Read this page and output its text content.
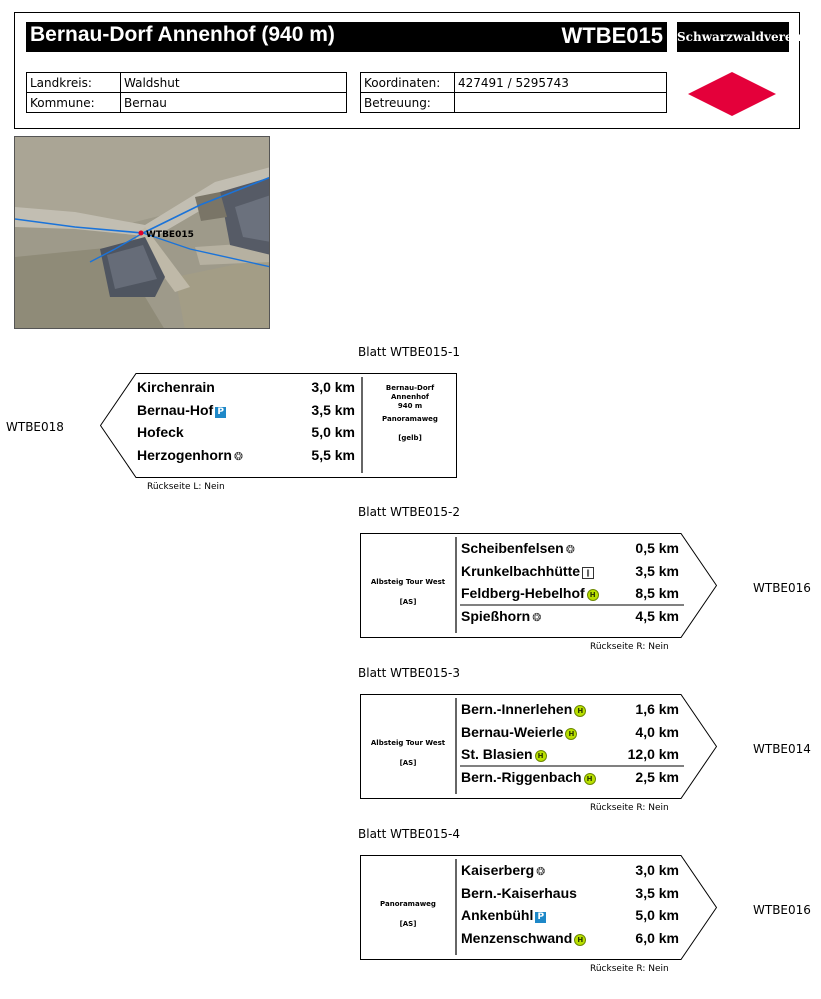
Bernau-Dorf Annenhof (940 m)	WTBE015 Schwarzwaldverein
Landkreis:	Waldshut
Kommune:	Bernau
Koordinaten:	427491 / 5295743
Betreuung:	
WTBE015
Blatt WTBE015-1
WTBE018
Bernau-Dorf
Annenhof
940 m
Panoramaweg
[gelb]
Kirchenrain	3,0 km
Bernau-Hof P	3,5 km
Hofeck	5,0 km
Herzogenhorn ❂	5,5 km
Rückseite L: Nein
Blatt WTBE015-2
WTBE016
Albsteig Tour West
[AS]
Scheibenfelsen ❂	0,5 km
Krunkelbachhütte ‖	3,5 km
Feldberg-Hebelhof H	8,5 km
Spießhorn ❂	4,5 km
Rückseite R: Nein
Blatt WTBE015-3
WTBE014
Albsteig Tour West
[AS]
Bern.-Innerlehen H	1,6 km
Bernau-Weierle H	4,0 km
St. Blasien H	12,0 km
Bern.-Riggenbach H	2,5 km
Rückseite R: Nein
Blatt WTBE015-4
WTBE016
Panoramaweg
[AS]
Kaiserberg ❂	3,0 km
Bern.-Kaiserhaus	3,5 km
Ankenbühl P	5,0 km
Menzenschwand H	6,0 km
Rückseite R: Nein
